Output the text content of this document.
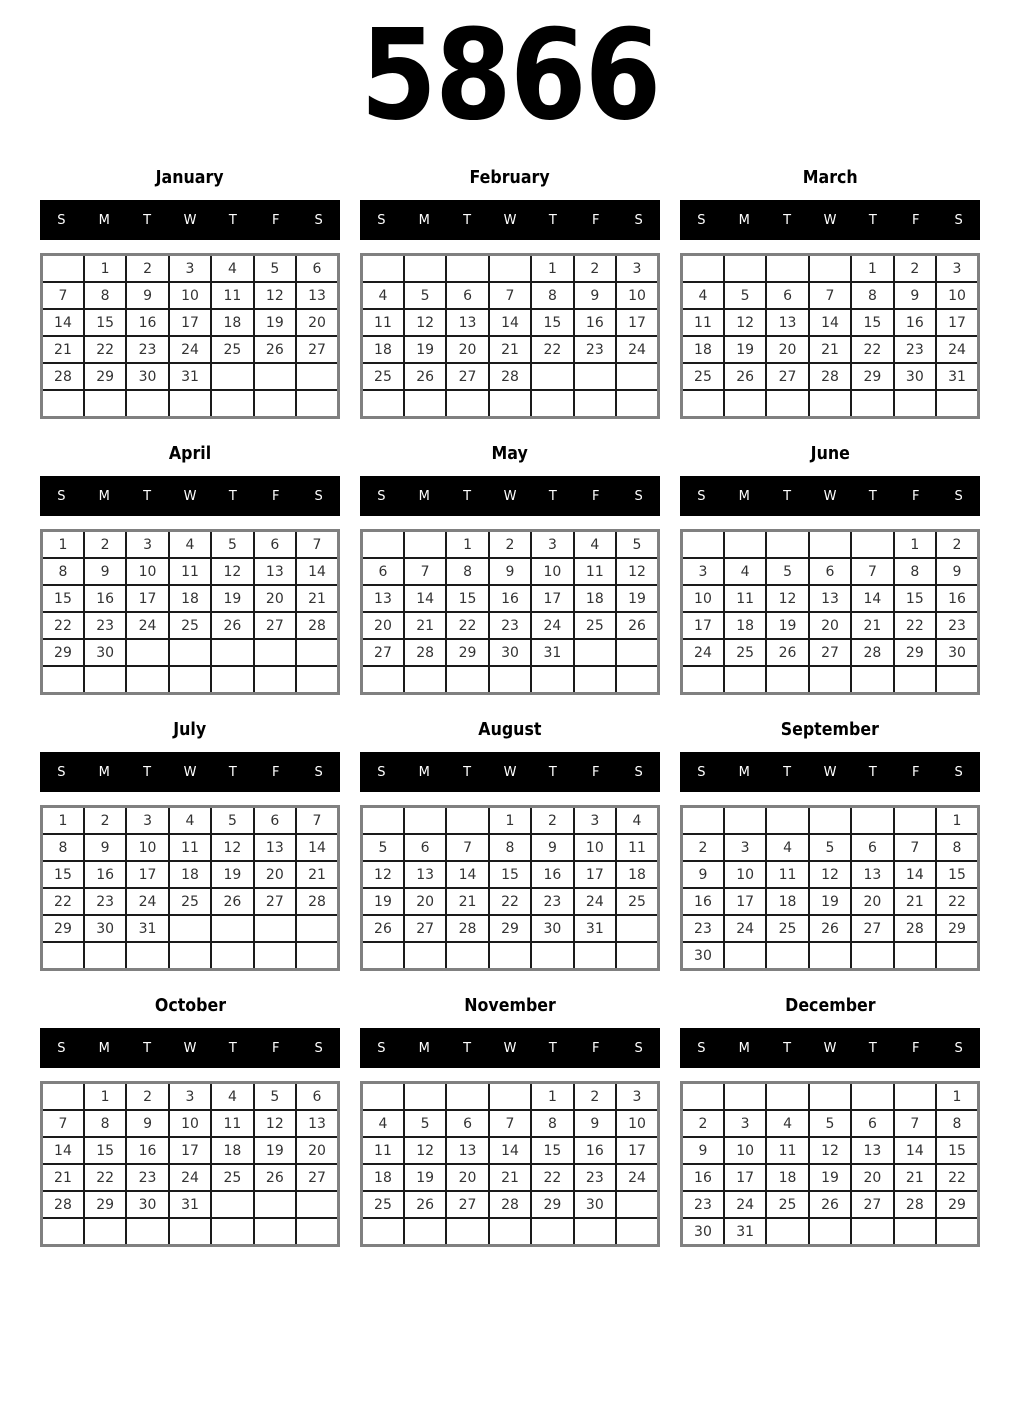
5866
January
S	M	T	W	T	F	S
	1	2	3	4	5	6
7	8	9	10	11	12	13
14	15	16	17	18	19	20
21	22	23	24	25	26	27
28	29	30	31			

February
S	M	T	W	T	F	S
				1	2	3
4	5	6	7	8	9	10
11	12	13	14	15	16	17
18	19	20	21	22	23	24
25	26	27	28			

March
S	M	T	W	T	F	S
				1	2	3
4	5	6	7	8	9	10
11	12	13	14	15	16	17
18	19	20	21	22	23	24
25	26	27	28	29	30	31

April
S	M	T	W	T	F	S
1	2	3	4	5	6	7
8	9	10	11	12	13	14
15	16	17	18	19	20	21
22	23	24	25	26	27	28
29	30					

May
S	M	T	W	T	F	S
		1	2	3	4	5
6	7	8	9	10	11	12
13	14	15	16	17	18	19
20	21	22	23	24	25	26
27	28	29	30	31		

June
S	M	T	W	T	F	S
					1	2
3	4	5	6	7	8	9
10	11	12	13	14	15	16
17	18	19	20	21	22	23
24	25	26	27	28	29	30

July
S	M	T	W	T	F	S
1	2	3	4	5	6	7
8	9	10	11	12	13	14
15	16	17	18	19	20	21
22	23	24	25	26	27	28
29	30	31				

August
S	M	T	W	T	F	S
			1	2	3	4
5	6	7	8	9	10	11
12	13	14	15	16	17	18
19	20	21	22	23	24	25
26	27	28	29	30	31	

September
S	M	T	W	T	F	S
						1
2	3	4	5	6	7	8
9	10	11	12	13	14	15
16	17	18	19	20	21	22
23	24	25	26	27	28	29
30						
October
S	M	T	W	T	F	S
	1	2	3	4	5	6
7	8	9	10	11	12	13
14	15	16	17	18	19	20
21	22	23	24	25	26	27
28	29	30	31			

November
S	M	T	W	T	F	S
				1	2	3
4	5	6	7	8	9	10
11	12	13	14	15	16	17
18	19	20	21	22	23	24
25	26	27	28	29	30	

December
S	M	T	W	T	F	S
						1
2	3	4	5	6	7	8
9	10	11	12	13	14	15
16	17	18	19	20	21	22
23	24	25	26	27	28	29
30	31					
